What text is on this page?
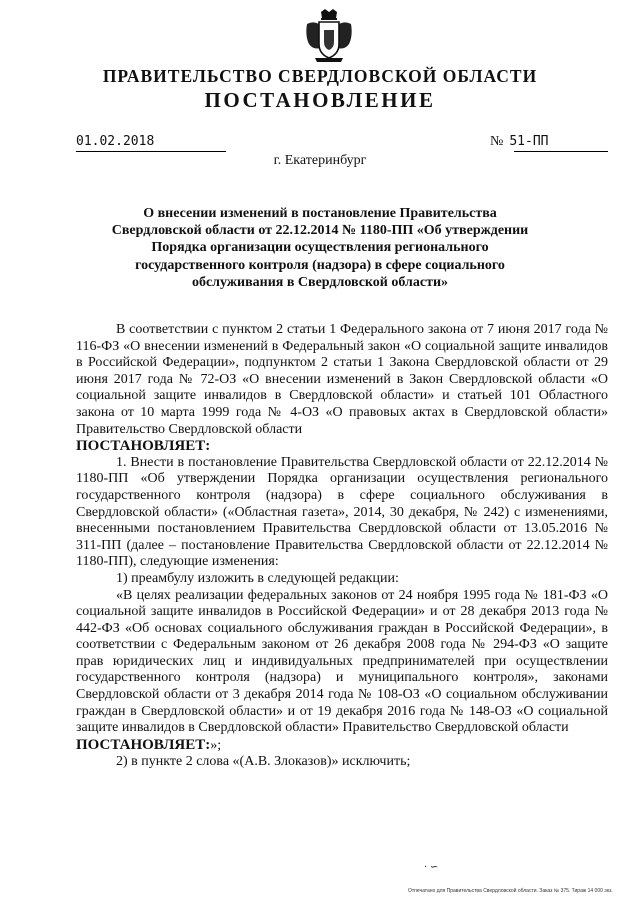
ПРАВИТЕЛЬСТВО СВЕРДЛОВСКОЙ ОБЛАСТИ
ПОСТАНОВЛЕНИЕ
01.02.2018	№ 51-ПП
г. Екатеринбург
О внесении изменений в постановление Правительства Свердловской области от 22.12.2014 № 1180-ПП «Об утверждении Порядка организации осуществления регионального государственного контроля (надзора) в сфере социального обслуживания в Свердловской области»

В соответствии с пунктом 2 статьи 1 Федерального закона от 7 июня 2017 года № 116-ФЗ «О внесении изменений в Федеральный закон «О социальной защите инвалидов в Российской Федерации», подпунктом 2 статьи 1 Закона Свердловской области от 29 июня 2017 года № 72-ОЗ «О внесении изменений в Закон Свердловской области «О социальной защите инвалидов в Свердловской области» и статьей 101 Областного закона от 10 марта 1999 года № 4-ОЗ «О правовых актах в Свердловской области» Правительство Свердловской области

ПОСТАНОВЛЯЕТ:

1. Внести в постановление Правительства Свердловской области от 22.12.2014 № 1180-ПП «Об утверждении Порядка организации осуществления регионального государственного контроля (надзора) в сфере социального обслуживания в Свердловской области» («Областная газета», 2014, 30 декабря, № 242) с изменениями, внесенными постановлением Правительства Свердловской области от 13.05.2016 № 311-ПП (далее – постановление Правительства Свердловской области от 22.12.2014 № 1180-ПП), следующие изменения:

1) преамбулу изложить в следующей редакции:

«В целях реализации федеральных законов от 24 ноября 1995 года № 181-ФЗ «О социальной защите инвалидов в Российской Федерации» и от 28 декабря 2013 года № 442-ФЗ «Об основах социального обслуживания граждан в Российской Федерации», в соответствии с Федеральным законом от 26 декабря 2008 года № 294-ФЗ «О защите прав юридических лиц и индивидуальных предпринимателей при осуществлении государственного контроля (надзора) и муниципального контроля», законами Свердловской области от 3 декабря 2014 года № 108-ОЗ «О социальном обслуживании граждан в Свердловской области» и от 19 декабря 2016 года № 148-ОЗ «О социальной защите инвалидов в Свердловской области» Правительство Свердловской области

ПОСТАНОВЛЯЕТ:»;

2) в пункте 2 слова «(А.В. Злоказов)» исключить;

· ∽
Отпечатано для Правительства Свердловской области. Заказ № 375. Тираж 14 000 экз.
